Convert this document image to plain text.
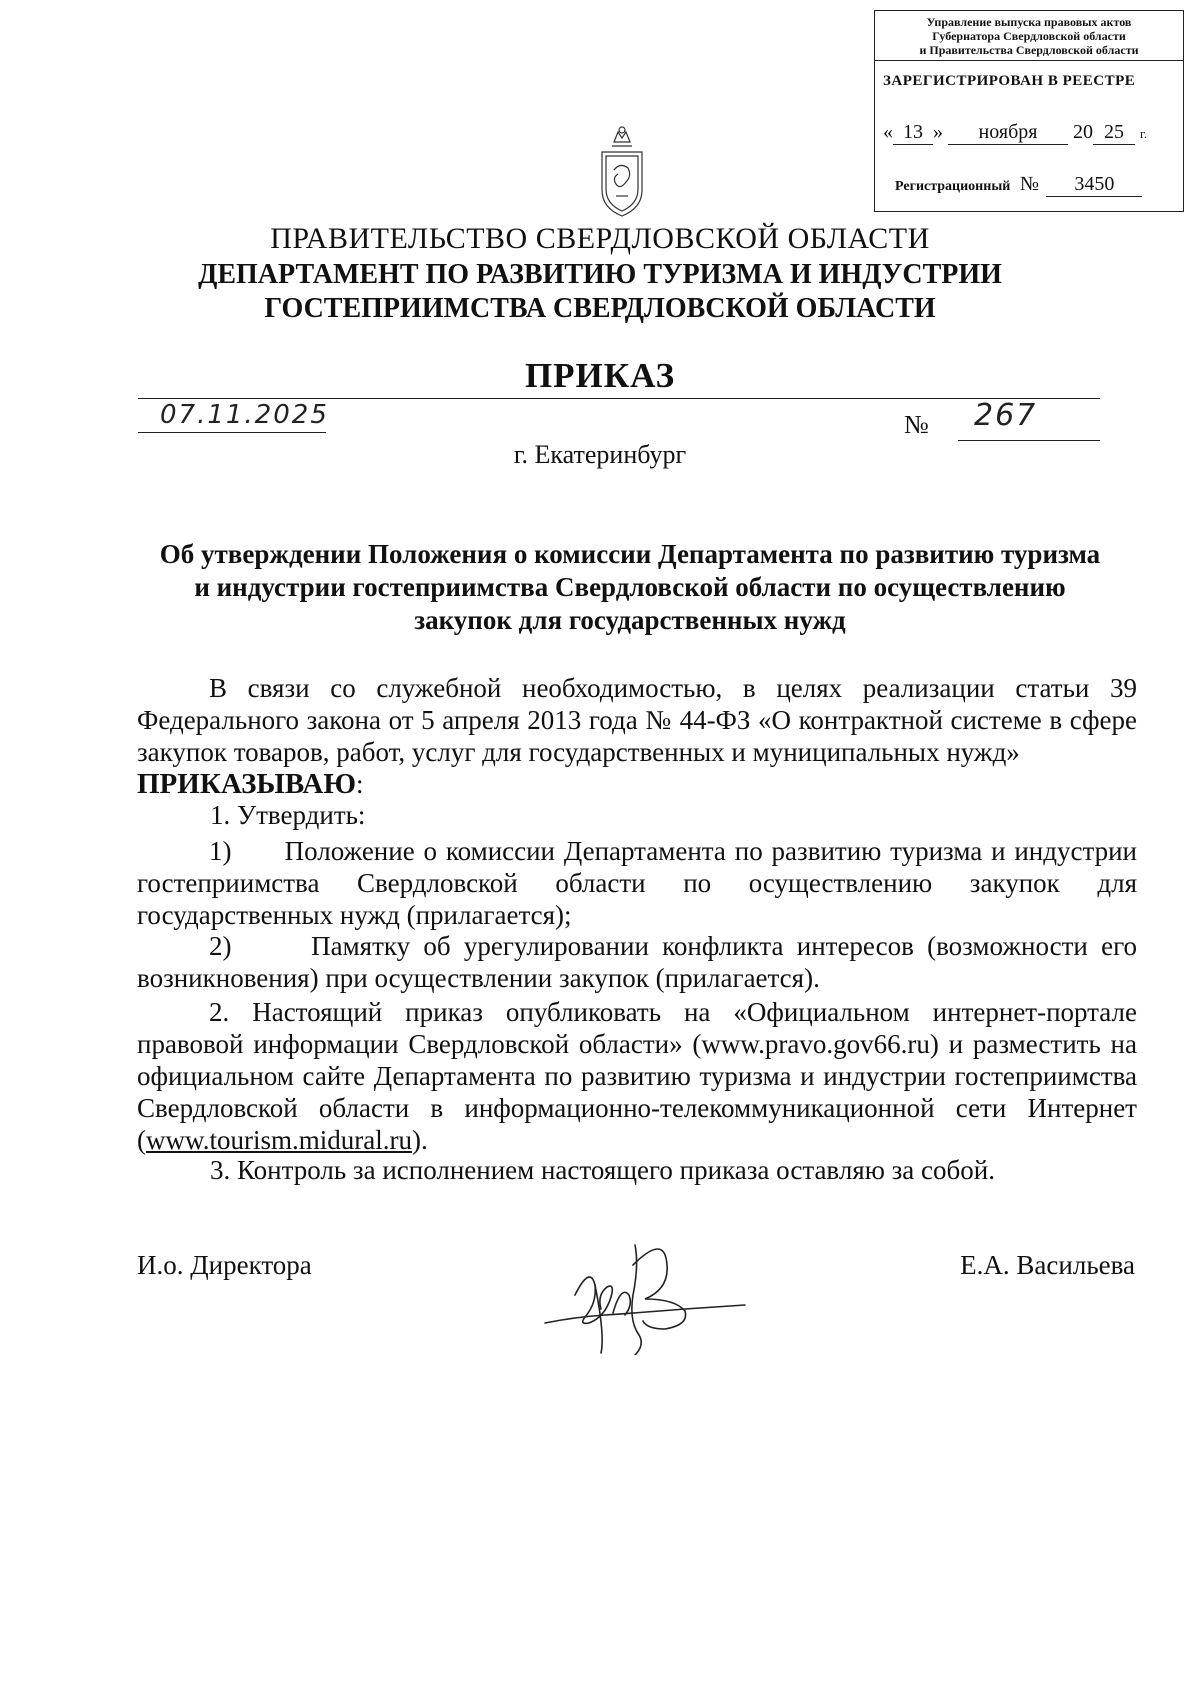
Управление выпуска правовых актов
Губернатора Свердловской области
и Правительства Свердловской области
ЗАРЕГИСТРИРОВАН В РЕЕСТРЕ
« 13 » ноября 20 25 г.
Регистрационный № 3450
ПРАВИТЕЛЬСТВО СВЕРДЛОВСКОЙ ОБЛАСТИ
ДЕПАРТАМЕНТ ПО РАЗВИТИЮ ТУРИЗМА И ИНДУСТРИИ
ГОСТЕПРИИМСТВА СВЕРДЛОВСКОЙ ОБЛАСТИ
ПРИКАЗ
07.11.2025	№ 267
г. Екатеринбург
Об утверждении Положения о комиссии Департамента по развитию туризма
и индустрии гостеприимства Свердловской области по осуществлению
закупок для государственных нужд

В связи со служебной необходимостью, в целях реализации статьи 39 Федерального закона от 5 апреля 2013 года № 44-ФЗ «О контрактной системе в сфере закупок товаров, работ, услуг для государственных и муниципальных нужд»

ПРИКАЗЫВАЮ:

1. Утвердить:

1) Положение о комиссии Департамента по развитию туризма и индустрии гостеприимства Свердловской области по осуществлению закупок для государственных нужд (прилагается);

2)	Памятку об урегулировании конфликта интересов (возможности его возникновения) при осуществлении закупок (прилагается).

2. Настоящий приказ опубликовать на «Официальном интернет-портале правовой информации Свердловской области» (www.pravo.gov66.ru) и разместить на официальном сайте Департамента по развитию туризма и индустрии гостеприимства Свердловской области в информационно-телекоммуникационной сети Интернет (www.tourism.midural.ru).

3. Контроль за исполнением настоящего приказа оставляю за собой.
И.о. Директора	Е.А. Васильева
